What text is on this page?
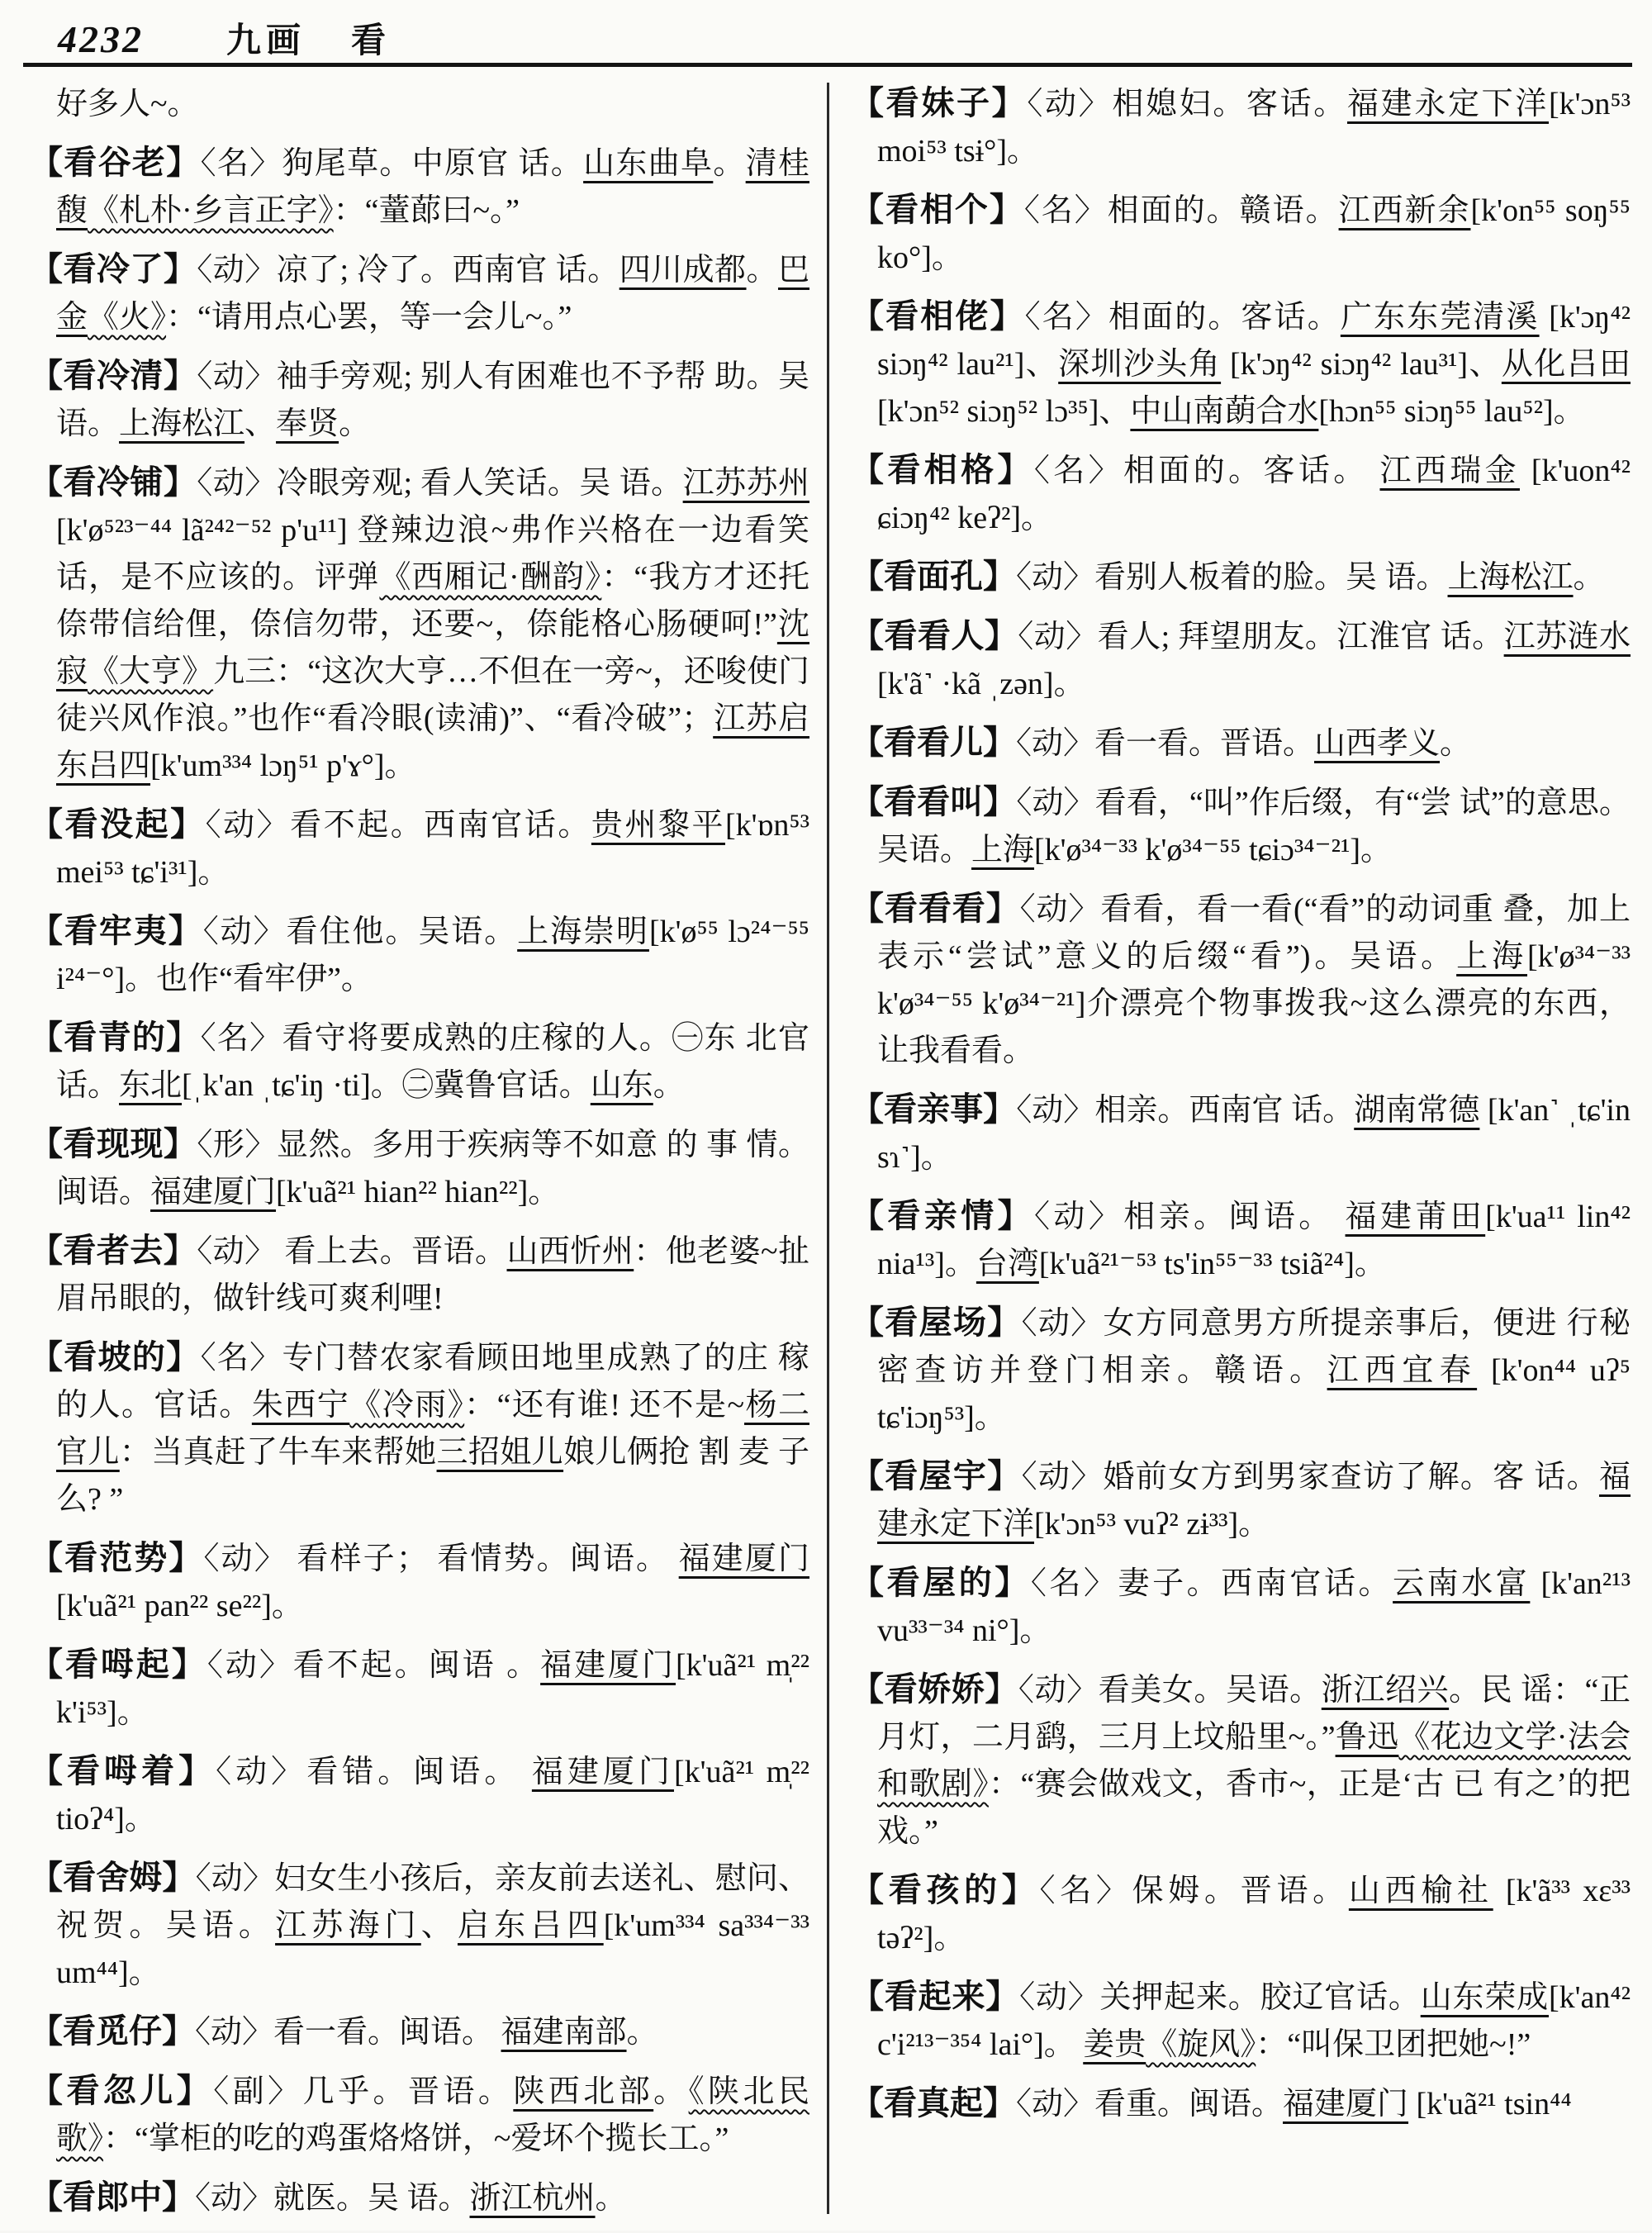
4232 九画 看
好多人~。
【看谷老】〈名〉狗尾草。中原官 话。山东曲阜。清桂馥《札朴·乡言正字》：“蕫蓈曰~。”
【看冷了】〈动〉凉了; 冷了。西南官 话。四川成都。巴金《火》：“请用点心罢，等一会儿~。”
【看冷清】〈动〉袖手旁观; 别人有困难也不予帮 助。吴语。上海松江、奉贤。
【看冷铺】〈动〉冷眼旁观; 看人笑话。吴 语。江苏苏州[k'ø⁵²³⁻⁴⁴ lã²⁴²⁻⁵² p'u¹¹] 登辣边浪~弗作兴格在一边看笑话，是不应该的。评弹《西厢记·酬韵》：“我方才还托倷带信给俚，倷信勿带，还要~，倷能格心肠硬呵!”沈寂《大亨》九三：“这次大亨…不但在一旁~，还唆使门徒兴风作浪。”也作“看冷眼(读浦)”、“看冷破”；江苏启东吕四[k'um³³⁴ lɔŋ⁵¹ p'ɤ°]。
【看没起】〈动〉看不起。西南官话。贵州黎平[k'ɒn⁵³ mei⁵³ tɕ'i³¹]。
【看牢夷】〈动〉看住他。吴语。上海崇明[k'ø⁵⁵ lɔ²⁴⁻⁵⁵ i²⁴⁻°]。也作“看牢伊”。
【看青的】〈名〉看守将要成熟的庄稼的人。㊀东 北官话。东北[ˌk'an ˌtɕ'iŋ ·ti]。㊁冀鲁官话。山东。
【看现现】〈形〉显然。多用于疾病等不如意 的 事 情。闽语。福建厦门[k'uã²¹ hian²² hian²²]。
【看者去】〈动〉 看上去。晋语。山西忻州：他老婆~扯眉吊眼的，做针线可爽利哩!
【看坡的】〈名〉专门替农家看顾田地里成熟了的庄 稼的人。官话。朱西宁《冷雨》：“还有谁! 还不是~杨二官儿：当真赶了牛车来帮她三招姐儿娘儿俩抢 割 麦 子么? ”
【看范势】〈动〉 看样子； 看情势。闽语。 福建厦门[k'uã²¹ pan²² se²²]。
【看呣起】〈动〉看不起。闽语 。福建厦门[k'uã²¹ m̩²² k'i⁵³]。
【看呣着】〈动〉看错。闽语。 福建厦门[k'uã²¹ m̩²² tioʔ⁴]。
【看舍姆】〈动〉妇女生小孩后，亲友前去送礼、慰问、祝贺。吴语。江苏海门、启东吕四[k'um³³⁴ sa³³⁴⁻³³ um⁴⁴]。
【看觅仔】〈动〉看一看。闽语。 福建南部。
【看忽儿】〈副〉几乎。晋语。陕西北部。《陕北民歌》：“掌柜的吃的鸡蛋烙烙饼，~爱坏个揽长工。”
【看郎中】〈动〉就医。吴 语。浙江杭州。
【看妹子】〈动〉相媳妇。客话。福建永定下洋[k'ɔn⁵³ moi⁵³ tsɨ°]。
【看相个】〈名〉相面的。赣语。江西新余[k'on⁵⁵ soŋ⁵⁵ ko°]。
【看相佬】〈名〉相面的。客话。广东东莞清溪 [k'ɔŋ⁴² siɔŋ⁴² lau²¹]、深圳沙头角 [k'ɔŋ⁴² siɔŋ⁴² lau³¹]、从化吕田[k'ɔn⁵² siɔŋ⁵² lɔ³⁵]、中山南蓢合水[hɔn⁵⁵ siɔŋ⁵⁵ lau⁵²]。
【看相格】〈名〉相面的。客话。 江西瑞金 [k'uon⁴² ɕiɔŋ⁴² keʔ²]。
【看面孔】〈动〉看别人板着的脸。吴 语。上海松江。
【看看人】〈动〉看人; 拜望朋友。江淮官 话。江苏涟水[k'ã˺ ·kã ˌzən]。
【看看儿】〈动〉看一看。晋语。山西孝义。
【看看叫】〈动〉看看，“叫”作后缀，有“尝 试”的意思。吴语。上海[k'ø³⁴⁻³³ k'ø³⁴⁻⁵⁵ tɕiɔ³⁴⁻²¹]。
【看看看】〈动〉看看，看一看(“看”的动词重 叠，加上表示“尝试”意义的后缀“看”)。吴语。上海[k'ø³⁴⁻³³ k'ø³⁴⁻⁵⁵ k'ø³⁴⁻²¹]介漂亮个物事拨我~这么漂亮的东西，让我看看。
【看亲事】〈动〉相亲。西南官 话。湖南常德 [k'an˺ ˌtɕ'in sɿ˺]。
【看亲情】〈动〉相亲。闽语。 福建莆田[k'ua¹¹ lin⁴² nia¹³]。台湾[k'uã²¹⁻⁵³ ts'in⁵⁵⁻³³ tsiã²⁴]。
【看屋场】〈动〉女方同意男方所提亲事后，便进 行秘密查访并登门相亲。赣语。江西宜春 [k'on⁴⁴ uʔ⁵ tɕ'iɔŋ⁵³]。
【看屋宇】〈动〉婚前女方到男家查访了解。客 话。福建永定下洋[k'ɔn⁵³ vuʔ² zɨ³³]。
【看屋的】〈名〉妻子。西南官话。云南水富 [k'an²¹³ vu³³⁻³⁴ ni°]。
【看娇娇】〈动〉看美女。吴语。浙江绍兴。民 谣：“正月灯，二月鹞，三月上坟船里~。”鲁迅《花边文学·法会和歌剧》：“赛会做戏文，香市~，正是‘古 已 有之’的把戏。”
【看孩的】〈名〉保姆。晋语。山西榆社 [k'ã³³ xɛ³³ təʔ²]。
【看起来】〈动〉关押起来。胶辽官话。山东荣成[k'an⁴² c'i²¹³⁻³⁵⁴ lai°]。 姜贵《旋风》：“叫保卫团把她~!”
【看真起】〈动〉看重。闽语。福建厦门 [k'uã²¹ tsin⁴⁴
